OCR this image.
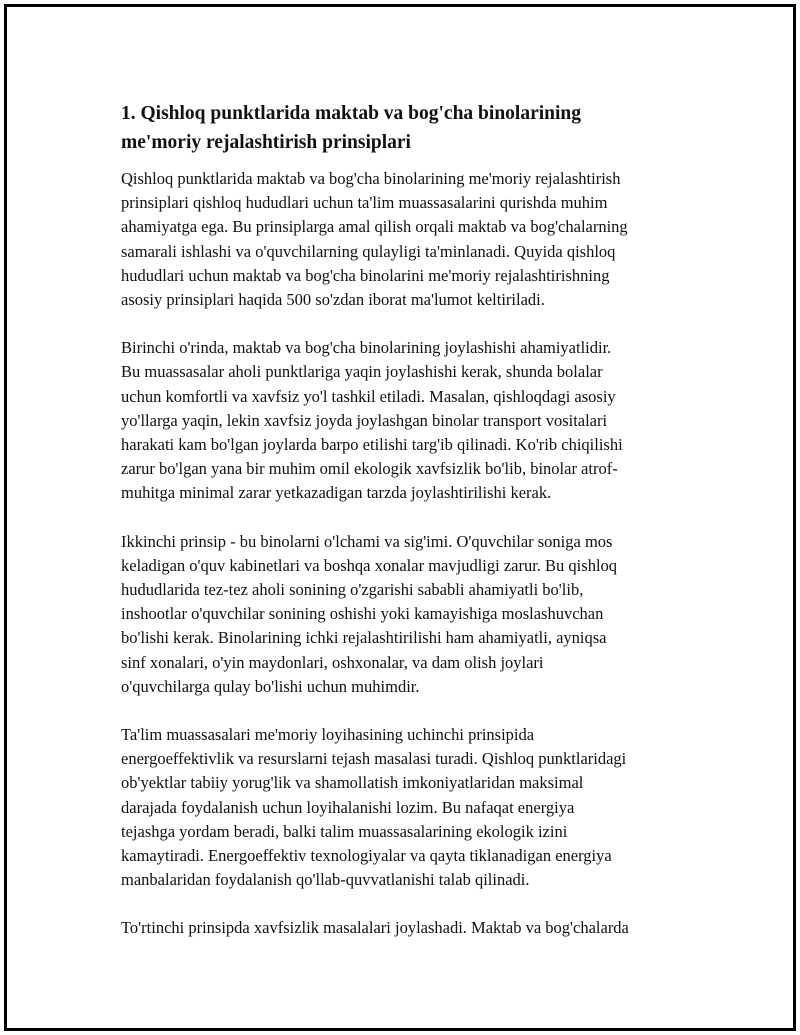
1. Qishloq punktlarida maktab va bog'cha binolarining
me'moriy rejalashtirish prinsiplari

Qishloq punktlarida maktab va bog'cha binolarining me'moriy rejalashtirish
prinsiplari qishloq hududlari uchun ta'lim muassasalarini qurishda muhim
ahamiyatga ega. Bu prinsiplarga amal qilish orqali maktab va bog'chalarning
samarali ishlashi va o'quvchilarning qulayligi ta'minlanadi. Quyida qishloq
hududlari uchun maktab va bog'cha binolarini me'moriy rejalashtirishning
asosiy prinsiplari haqida 500 so'zdan iborat ma'lumot keltiriladi.

Birinchi o'rinda, maktab va bog'cha binolarining joylashishi ahamiyatlidir.
Bu muassasalar aholi punktlariga yaqin joylashishi kerak, shunda bolalar
uchun komfortli va xavfsiz yo'l tashkil etiladi. Masalan, qishloqdagi asosiy
yo'llarga yaqin, lekin xavfsiz joyda joylashgan binolar transport vositalari
harakati kam bo'lgan joylarda barpo etilishi targ'ib qilinadi. Ko'rib chiqilishi
zarur bo'lgan yana bir muhim omil ekologik xavfsizlik bo'lib, binolar atrof-
muhitga minimal zarar yetkazadigan tarzda joylashtirilishi kerak.

Ikkinchi prinsip - bu binolarni o'lchami va sig'imi. O'quvchilar soniga mos
keladigan o'quv kabinetlari va boshqa xonalar mavjudligi zarur. Bu qishloq
hududlarida tez-tez aholi sonining o'zgarishi sababli ahamiyatli bo'lib,
inshootlar o'quvchilar sonining oshishi yoki kamayishiga moslashuvchan
bo'lishi kerak. Binolarining ichki rejalashtirilishi ham ahamiyatli, ayniqsa
sinf xonalari, o'yin maydonlari, oshxonalar, va dam olish joylari
o'quvchilarga qulay bo'lishi uchun muhimdir.

Ta'lim muassasalari me'moriy loyihasining uchinchi prinsipida
energoeffektivlik va resurslarni tejash masalasi turadi. Qishloq punktlaridagi
ob'yektlar tabiiy yorug'lik va shamollatish imkoniyatlaridan maksimal
darajada foydalanish uchun loyihalanishi lozim. Bu nafaqat energiya
tejashga yordam beradi, balki talim muassasalarining ekologik izini
kamaytiradi. Energoeffektiv texnologiyalar va qayta tiklanadigan energiya
manbalaridan foydalanish qo'llab-quvvatlanishi talab qilinadi.

To'rtinchi prinsipda xavfsizlik masalalari joylashadi. Maktab va bog'chalarda
